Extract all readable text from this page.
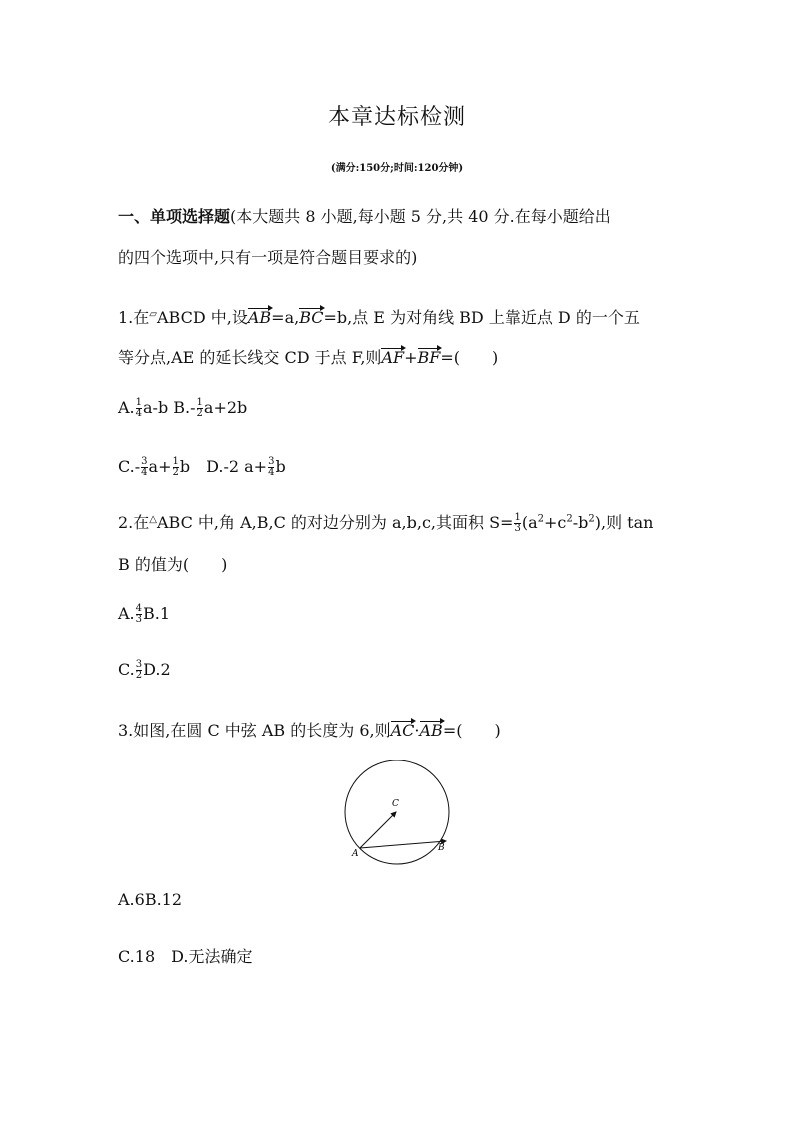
本章达标检测
(满分:150分;时间:120分钟)
一、单项选择题(本大题共 8 小题,每小题 5 分,共 40 分.在每小题给出
的四个选项中,只有一项是符合题目要求的)
1.在▱ABCD 中,设AB=a,BC=b,点 E 为对角线 BD 上靠近点 D 的一个五
等分点,AE 的延长线交 CD 于点 F,则AF+BF=(　　)
A. $\frac{1}{4} a-b$ $B.- \frac{1}{2} a+2b$
$C.- \frac{3}{4} a+ \frac{1}{2}$ b　D.-2 $a+ \frac{3}{4}$ b
2.在△ABC 中,角 A,B,C 的对边分别为 a,b,c,其面积 $S= \frac{1}{3} (a^2+c^2-b^2)$,则 tan
B 的值为(　　)
A. $\frac{4}{3} B.1$
C. $\frac{3}{2} D.2$
3.如图,在圆 C 中弦 AB 的长度为 6,则AC·AB=(　　)
C
A
B
A.6B.12
C.18　D.无法确定
